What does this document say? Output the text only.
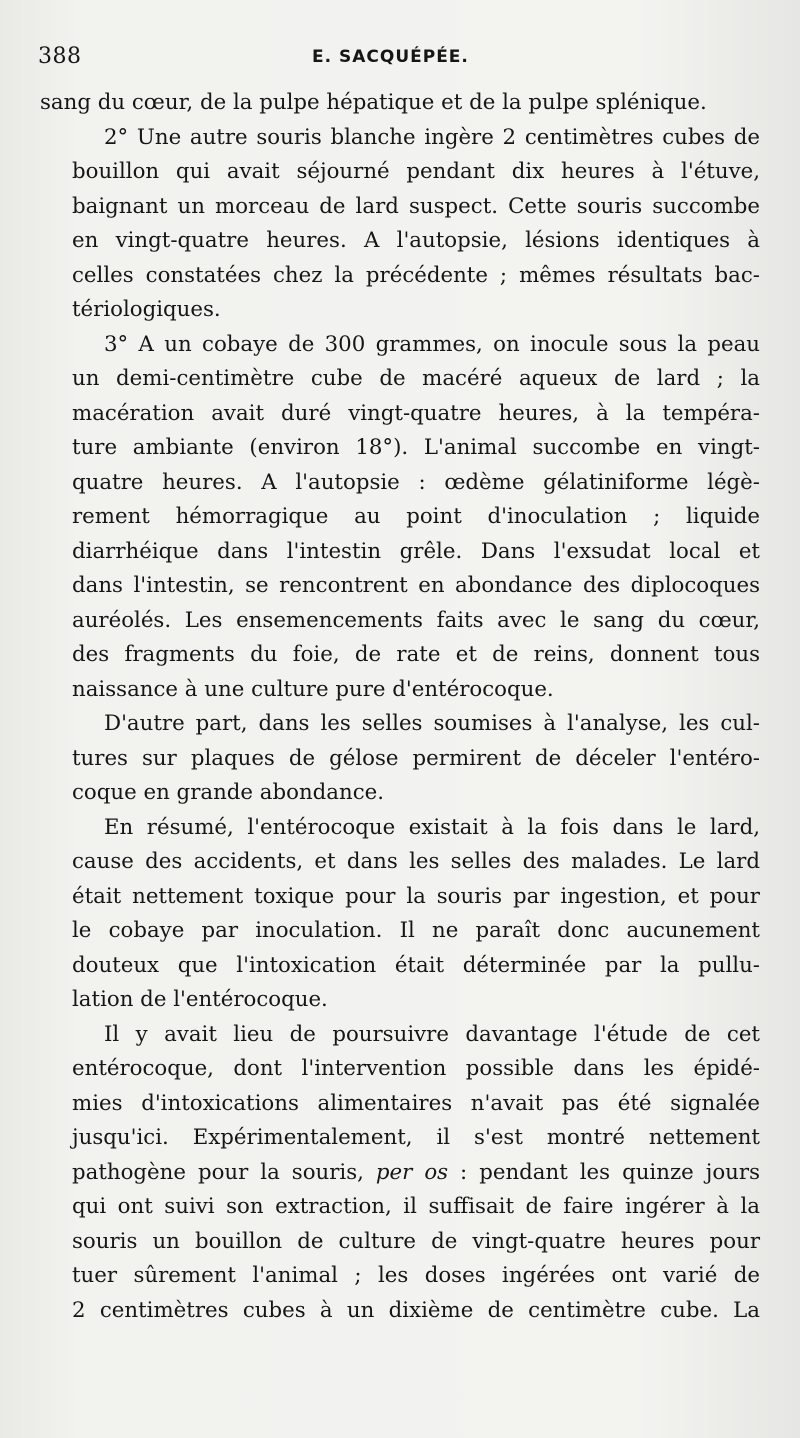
388	E. SACQUÉPÉE.
sang du cœur, de la pulpe hépatique et de la pulpe splénique.
2° Une autre souris blanche ingère 2 centimètres cubes de
bouillon qui avait séjourné pendant dix heures à l'étuve,
baignant un morceau de lard suspect. Cette souris succombe
en vingt-quatre heures. A l'autopsie, lésions identiques à
celles constatées chez la précédente ; mêmes résultats bac-
tériologiques.
3° A un cobaye de 300 grammes, on inocule sous la peau
un demi-centimètre cube de macéré aqueux de lard ; la
macération avait duré vingt-quatre heures, à la tempéra-
ture ambiante (environ 18°). L'animal succombe en vingt-
quatre heures. A l'autopsie : œdème gélatiniforme légè-
rement hémorragique au point d'inoculation ; liquide
diarrhéique dans l'intestin grêle. Dans l'exsudat local et
dans l'intestin, se rencontrent en abondance des diplocoques
auréolés. Les ensemencements faits avec le sang du cœur,
des fragments du foie, de rate et de reins, donnent tous
naissance à une culture pure d'entérocoque.
D'autre part, dans les selles soumises à l'analyse, les cul-
tures sur plaques de gélose permirent de déceler l'entéro-
coque en grande abondance.
En résumé, l'entérocoque existait à la fois dans le lard,
cause des accidents, et dans les selles des malades. Le lard
était nettement toxique pour la souris par ingestion, et pour
le cobaye par inoculation. Il ne paraît donc aucunement
douteux que l'intoxication était déterminée par la pullu-
lation de l'entérocoque.
Il y avait lieu de poursuivre davantage l'étude de cet
entérocoque, dont l'intervention possible dans les épidé-
mies d'intoxications alimentaires n'avait pas été signalée
jusqu'ici. Expérimentalement, il s'est montré nettement
pathogène pour la souris, per os : pendant les quinze jours
qui ont suivi son extraction, il suffisait de faire ingérer à la
souris un bouillon de culture de vingt-quatre heures pour
tuer sûrement l'animal ; les doses ingérées ont varié de
2 centimètres cubes à un dixième de centimètre cube. La
